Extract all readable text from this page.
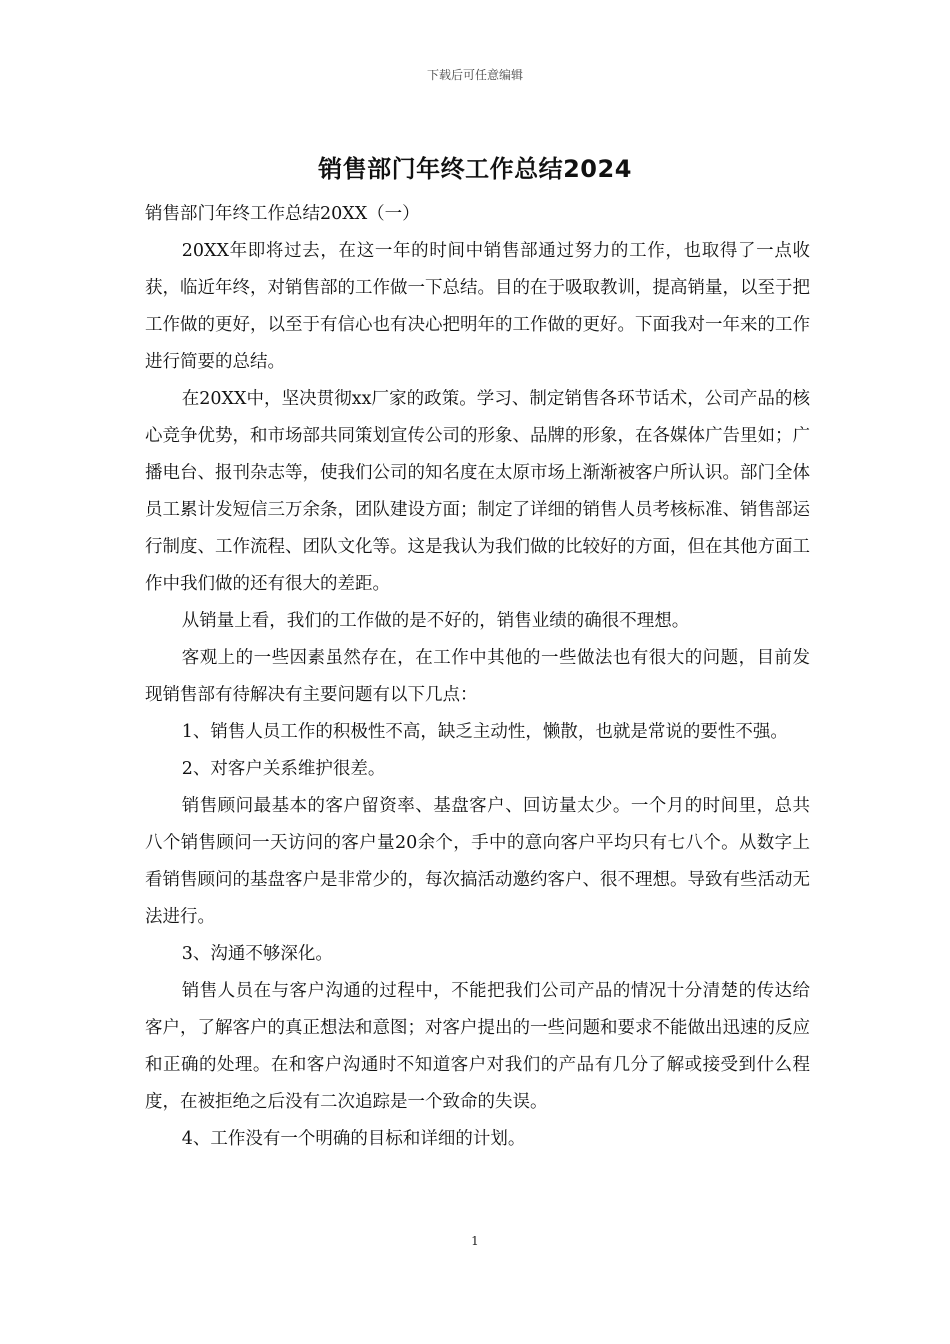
下载后可任意编辑
销售部门年终工作总结2024

销售部门年终工作总结20XX（一）

20XX年即将过去，在这一年的时间中销售部通过努力的工作，也取得了一点收获，临近年终，对销售部的工作做一下总结。目的在于吸取教训，提高销量，以至于把工作做的更好，以至于有信心也有决心把明年的工作做的更好。下面我对一年来的工作进行简要的总结。

在20XX中，坚决贯彻xx厂家的政策。学习、制定销售各环节话术，公司产品的核心竞争优势，和市场部共同策划宣传公司的形象、品牌的形象，在各媒体广告里如；广播电台、报刊杂志等，使我们公司的知名度在太原市场上渐渐被客户所认识。部门全体员工累计发短信三万余条，团队建设方面；制定了详细的销售人员考核标准、销售部运行制度、工作流程、团队文化等。这是我认为我们做的比较好的方面，但在其他方面工作中我们做的还有很大的差距。

从销量上看，我们的工作做的是不好的，销售业绩的确很不理想。

客观上的一些因素虽然存在，在工作中其他的一些做法也有很大的问题，目前发现销售部有待解决有主要问题有以下几点：

1、销售人员工作的积极性不高，缺乏主动性，懒散，也就是常说的要性不强。

2、对客户关系维护很差。

销售顾问最基本的客户留资率、基盘客户、回访量太少。一个月的时间里，总共八个销售顾问一天访问的客户量20余个，手中的意向客户平均只有七八个。从数字上看销售顾问的基盘客户是非常少的，每次搞活动邀约客户、很不理想。导致有些活动无法进行。

3、沟通不够深化。

销售人员在与客户沟通的过程中，不能把我们公司产品的情况十分清楚的传达给客户，了解客户的真正想法和意图；对客户提出的一些问题和要求不能做出迅速的反应和正确的处理。在和客户沟通时不知道客户对我们的产品有几分了解或接受到什么程度，在被拒绝之后没有二次追踪是一个致命的失误。

4、工作没有一个明确的目标和详细的计划。

1
